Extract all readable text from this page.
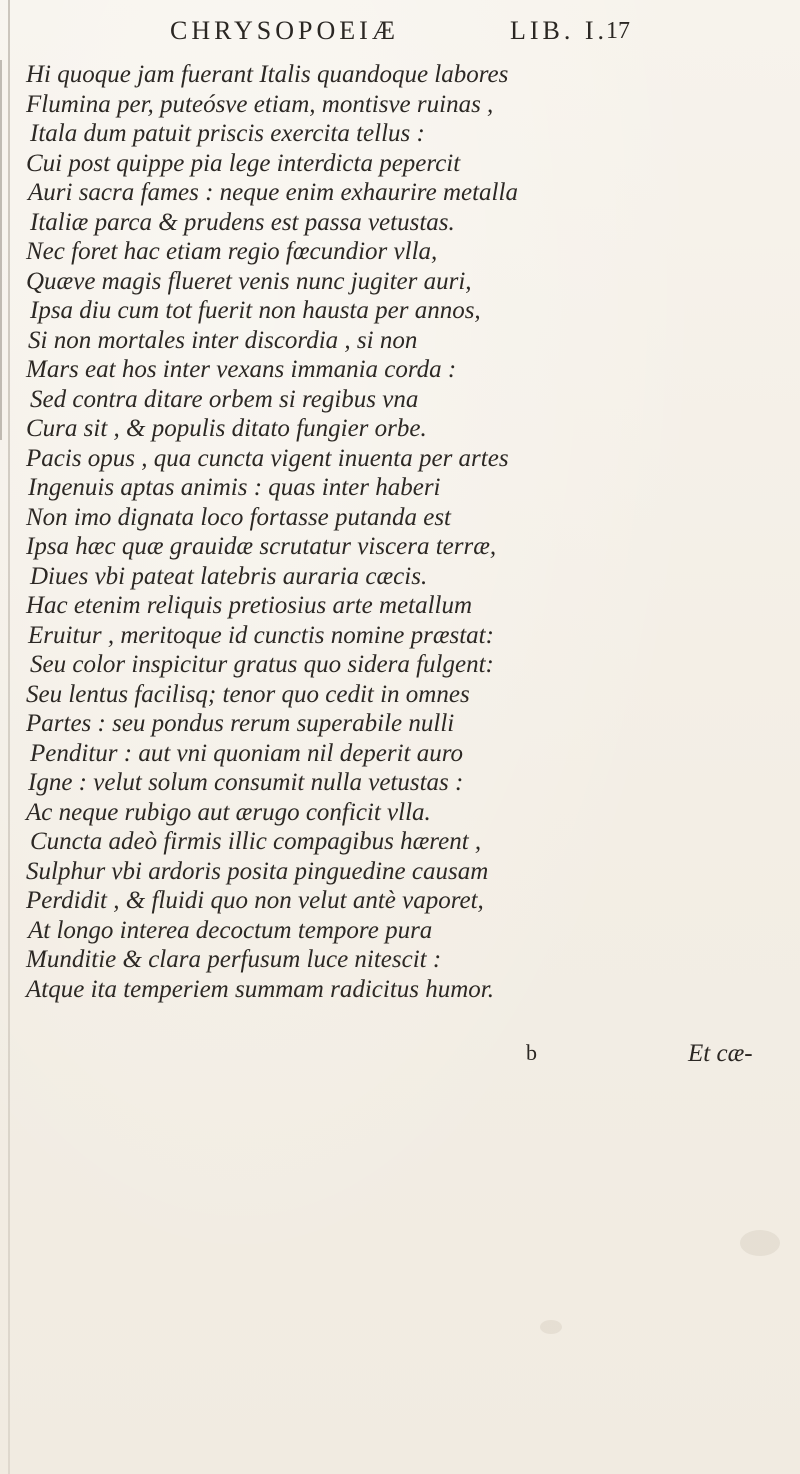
CHRYSOPOEIÆ	LIB. I.
17
Hi quoque jam fuerant Italis quandoque labores
Flumina per, puteósve etiam, montisve ruinas ,
Itala dum patuit priscis exercita tellus :
Cui post quippe pia lege interdicta pepercit
Auri sacra fames : neque enim exhaurire metalla
Italiæ parca & prudens est passa vetustas.
Nec foret hac etiam regio fœcundior vlla,
Quæve magis flueret venis nunc jugiter auri,
Ipsa diu cum tot fuerit non hausta per annos,
Si non mortales inter discordia , si non
Mars eat hos inter vexans immania corda :
Sed contra ditare orbem si regibus vna
Cura sit , & populis ditato fungier orbe.
Pacis opus , qua cuncta vigent inuenta per artes
Ingenuis aptas animis : quas inter haberi
Non imo dignata loco fortasse putanda est
Ipsa hæc quæ grauidæ scrutatur viscera terræ,
Diues vbi pateat latebris auraria cæcis.
Hac etenim reliquis pretiosius arte metallum
Eruitur , meritoque id cunctis nomine præstat:
Seu color inspicitur gratus quo sidera fulgent:
Seu lentus facilisq; tenor quo cedit in omnes
Partes : seu pondus rerum superabile nulli
Penditur : aut vni quoniam nil deperit auro
Igne : velut solum consumit nulla vetustas :
Ac neque rubigo aut ærugo conficit vlla.
Cuncta adeò firmis illic compagibus hærent ,
Sulphur vbi ardoris posita pinguedine causam
Perdidit , & fluidi quo non velut antè vaporet,
At longo interea decoctum tempore pura
Munditie & clara perfusum luce nitescit :
Atque ita temperiem summam radicitus humor.
b	Et cæ-
